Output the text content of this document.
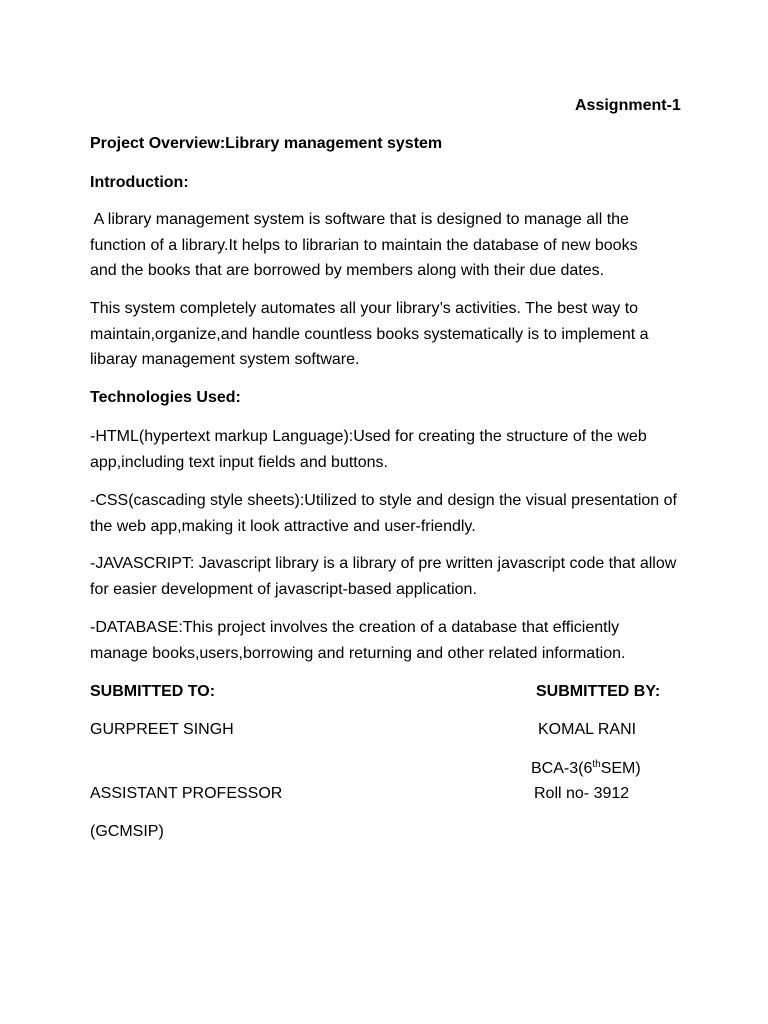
Assignment-1
Project Overview:Library management system
Introduction:
A library management system is software that is designed to manage all the
function of a library.It helps to librarian to maintain the database of new books
and the books that are borrowed by members along with their due dates.
This system completely automates all your library’s activities. The best way to
maintain,organize,and handle countless books systematically is to implement a
libaray management system software.
Technologies Used:
-HTML(hypertext markup Language):Used for creating the structure of the web
app,including text input fields and buttons.
-CSS(cascading style sheets):Utilized to style and design the visual presentation of
the web app,making it look attractive and user-friendly.
-JAVASCRIPT: Javascript library is a library of pre written javascript code that allow
for easier development of javascript-based application.
-DATABASE:This project involves the creation of a database that efficiently
manage books,users,borrowing and returning and other related information.
SUBMITTED TO:	SUBMITTED BY:
GURPREET SINGH	KOMAL RANI
BCA-3(6thSEM)
ASSISTANT PROFESSOR	Roll no- 3912
(GCMSIP)
